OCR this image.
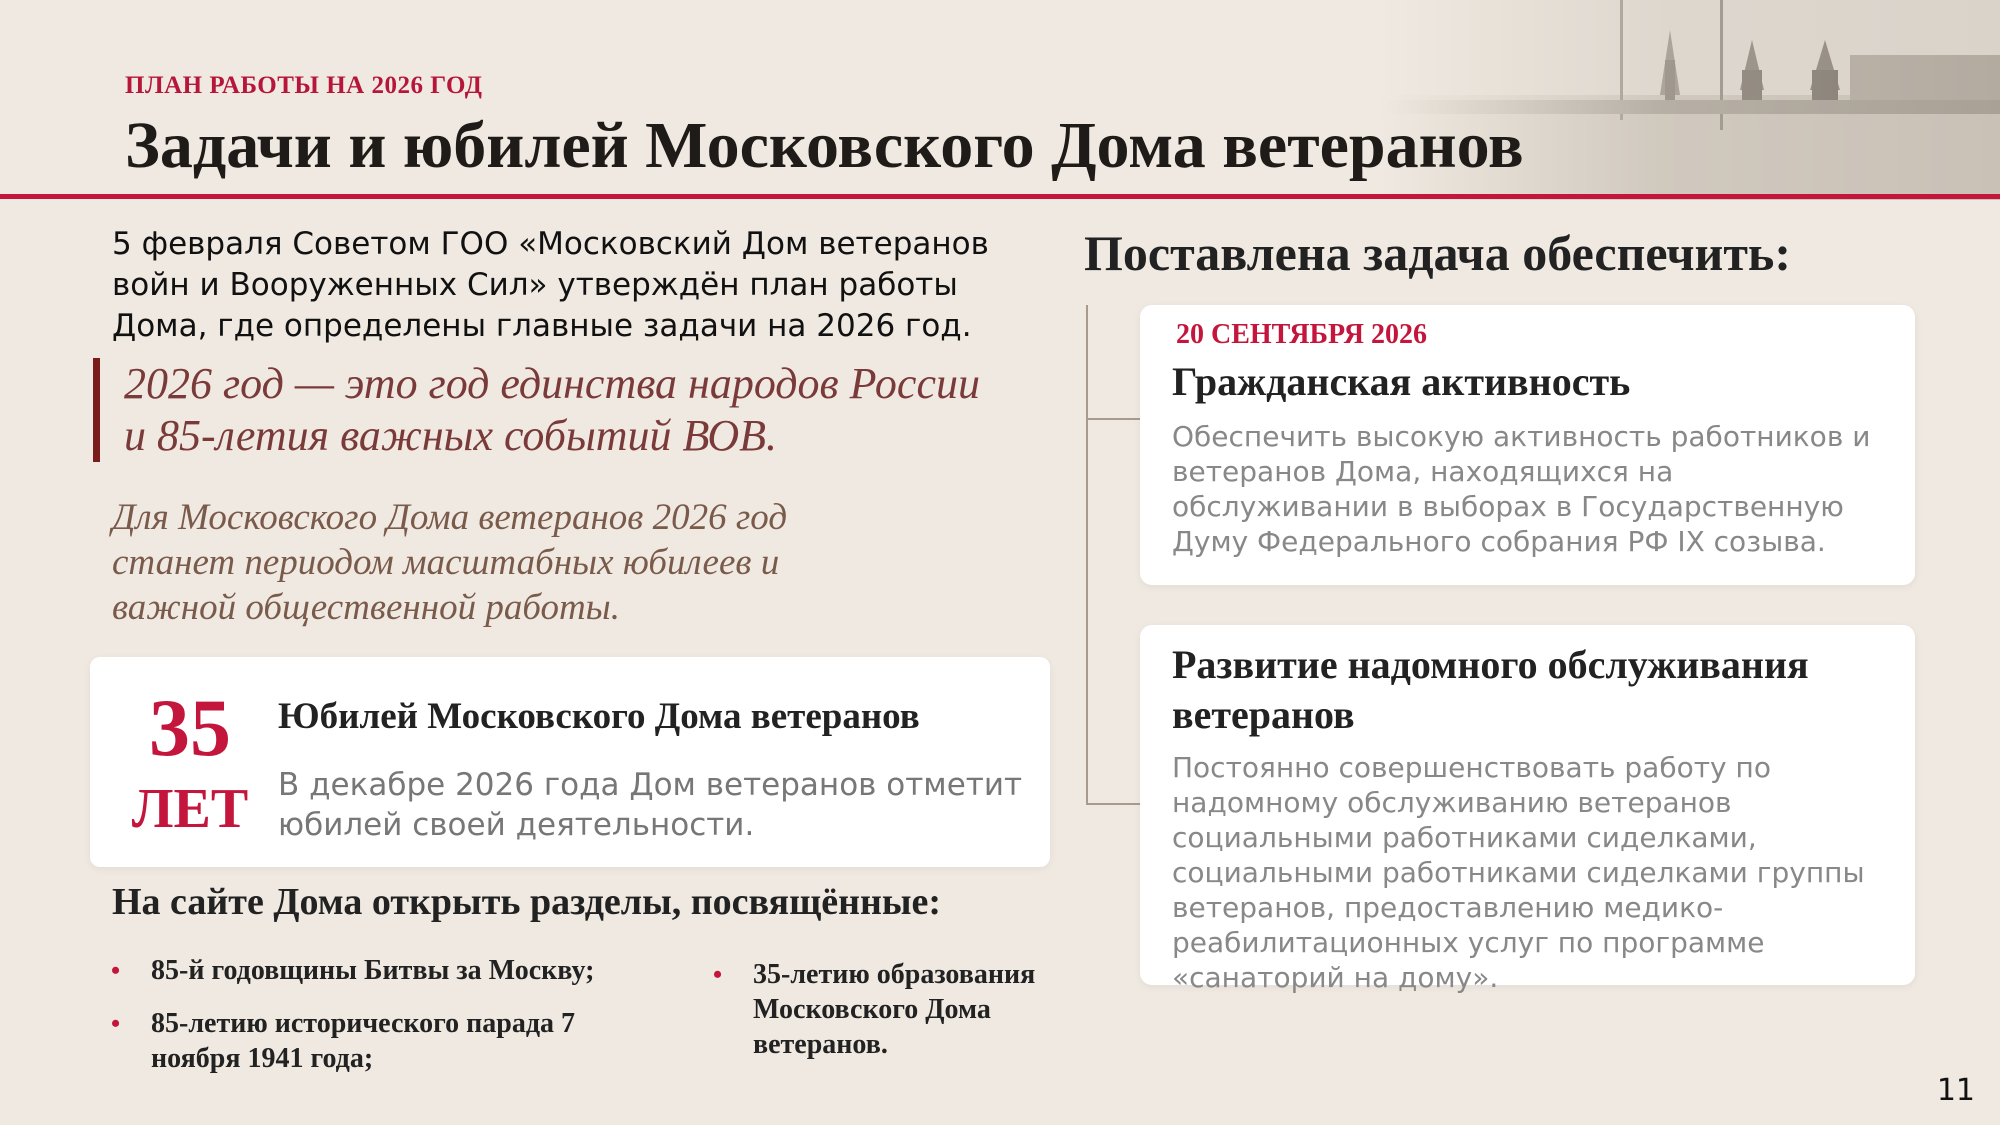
ПЛАН РАБОТЫ НА 2026 ГОД
Задачи и юбилей Московского Дома ветеранов
5 февраля Советом ГОО «Московский Дом ветеранов войн и Вооруженных Сил» утверждён план работы Дома, где определены главные задачи на 2026 год.
2026 год — это год единства народов России
и 85-летия важных событий ВОВ.
Для Московского Дома ветеранов 2026 год станет периодом масштабных юбилеев и важной общественной работы.
35
ЛЕТ
Юбилей Московского Дома ветеранов
В декабре 2026 года Дом ветеранов отметит юбилей своей деятельности.
На сайте Дома открыть разделы, посвящённые:
• 85-й годовщины Битвы за Москву;
• 85-летию исторического парада 7 ноября 1941 года;
• 35-летию образования Московского Дома ветеранов.
Поставлена задача обеспечить:
20 СЕНТЯБРЯ 2026
Гражданская активность
Обеспечить высокую активность работников и ветеранов Дома, находящихся на обслуживании в выборах в Государственную Думу Федерального собрания РФ IX созыва.
Развитие надомного обслуживания ветеранов
Постоянно совершенствовать работу по надомному обслуживанию ветеранов социальными работниками сиделками, социальными работниками сиделками группы ветеранов, предоставлению медико-реабилитационных услуг по программе «санаторий на дому».
11
